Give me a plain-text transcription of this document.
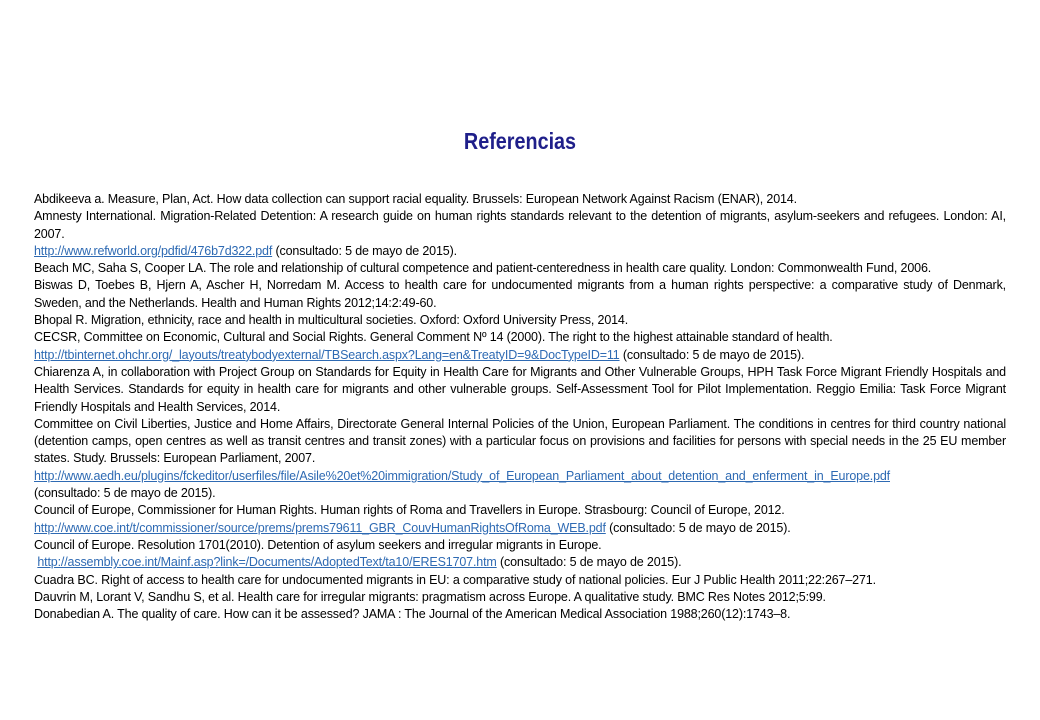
Referencias

Abdikeeva a. Measure, Plan, Act. How data collection can support racial equality. Brussels: European Network Against Racism (ENAR), 2014.

Amnesty International. Migration-Related Detention: A research guide on human rights standards relevant to the detention of migrants, asylum-seekers and refugees. London: AI, 2007.

http://www.refworld.org/pdfid/476b7d322.pdf (consultado: 5 de mayo de 2015).

Beach MC, Saha S, Cooper LA. The role and relationship of cultural competence and patient-centeredness in health care quality. London: Commonwealth Fund, 2006.

Biswas D, Toebes B, Hjern A, Ascher H, Norredam M. Access to health care for undocumented migrants from a human rights perspective: a comparative study of Denmark, Sweden, and the Netherlands. Health and Human Rights 2012;14:2:49-60.

Bhopal R. Migration, ethnicity, race and health in multicultural societies. Oxford: Oxford University Press, 2014.

CECSR, Committee on Economic, Cultural and Social Rights. General Comment Nº 14 (2000). The right to the highest attainable standard of health.

http://tbinternet.ohchr.org/_layouts/treatybodyexternal/TBSearch.aspx?Lang=en&TreatyID=9&DocTypeID=11 (consultado: 5 de mayo de 2015).

Chiarenza A, in collaboration with Project Group on Standards for Equity in Health Care for Migrants and Other Vulnerable Groups, HPH Task Force Migrant Friendly Hospitals and Health Services. Standards for equity in health care for migrants and other vulnerable groups. Self-Assessment Tool for Pilot Implementation. Reggio Emilia: Task Force Migrant Friendly Hospitals and Health Services, 2014.

Committee on Civil Liberties, Justice and Home Affairs, Directorate General Internal Policies of the Union, European Parliament. The conditions in centres for third country national (detention camps, open centres as well as transit centres and transit zones) with a particular focus on provisions and facilities for persons with special needs in the 25 EU member states. Study. Brussels: European Parliament, 2007.

http://www.aedh.eu/plugins/fckeditor/userfiles/file/Asile%20et%20immigration/Study_of_European_Parliament_about_detention_and_enferment_in_Europe.pdf
(consultado: 5 de mayo de 2015).

Council of Europe, Commissioner for Human Rights. Human rights of Roma and Travellers in Europe. Strasbourg: Council of Europe, 2012.

http://www.coe.int/t/commissioner/source/prems/prems79611_GBR_CouvHumanRightsOfRoma_WEB.pdf (consultado: 5 de mayo de 2015).

Council of Europe. Resolution 1701(2010). Detention of asylum seekers and irregular migrants in Europe.

http://assembly.coe.int/Mainf.asp?link=/Documents/AdoptedText/ta10/ERES1707.htm (consultado: 5 de mayo de 2015).

Cuadra BC. Right of access to health care for undocumented migrants in EU: a comparative study of national policies. Eur J Public Health 2011;22:267–271.

Dauvrin M, Lorant V, Sandhu S, et al. Health care for irregular migrants: pragmatism across Europe. A qualitative study. BMC Res Notes 2012;5:99.

Donabedian A. The quality of care. How can it be assessed? JAMA : The Journal of the American Medical Association 1988;260(12):1743–8.
